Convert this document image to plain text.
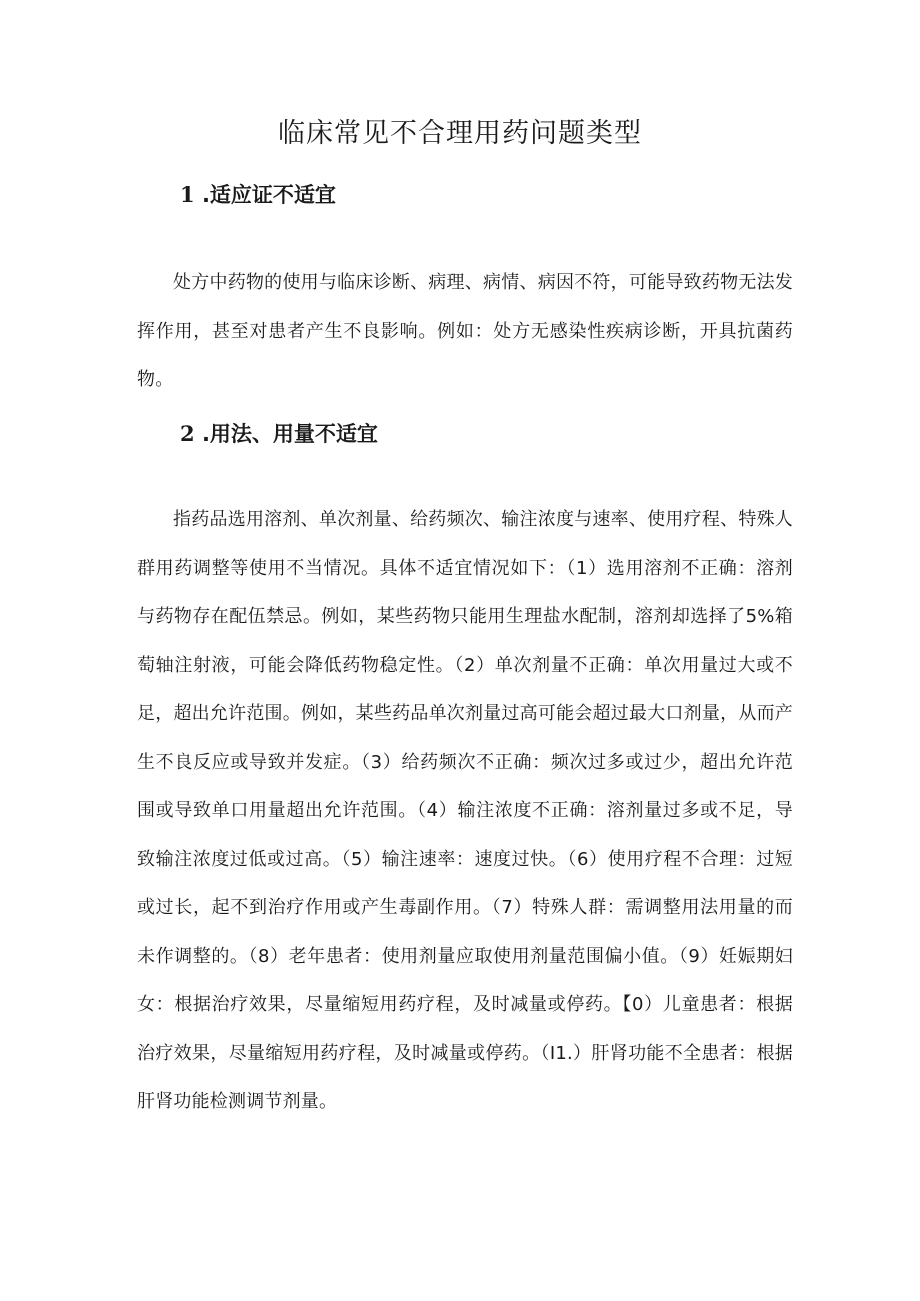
临床常见不合理用药问题类型
1 .适应证不适宜

处方中药物的使用与临床诊断、病理、病情、病因不符，可能导致药物无法发挥作用，甚至对患者产生不良影响。例如：处方无感染性疾病诊断，开具抗菌药物。

2 .用法、用量不适宜

指药品选用溶剂、单次剂量、给药频次、输注浓度与速率、使用疗程、特殊人群用药调整等使用不当情况。具体不适宜情况如下：（1）选用溶剂不正确：溶剂与药物存在配伍禁忌。例如，某些药物只能用生理盐水配制，溶剂却选择了5%箱萄轴注射液，可能会降低药物稳定性。（2）单次剂量不正确：单次用量过大或不足，超出允许范围。例如，某些药品单次剂量过高可能会超过最大口剂量，从而产生不良反应或导致并发症。（3）给药频次不正确：频次过多或过少，超出允许范围或导致单口用量超出允许范围。（4）输注浓度不正确：溶剂量过多或不足，导致输注浓度过低或过高。（5）输注速率：速度过快。（6）使用疗程不合理：过短或过长，起不到治疗作用或产生毒副作用。（7）特殊人群：需调整用法用量的而未作调整的。（8）老年患者：使用剂量应取使用剂量范围偏小值。（9）妊娠期妇女：根据治疗效果，尽量缩短用药疗程，及时减量或停药。【0）儿童患者：根据治疗效果，尽量缩短用药疗程，及时减量或停药。（I1.）肝肾功能不全患者：根据肝肾功能检测调节剂量。
